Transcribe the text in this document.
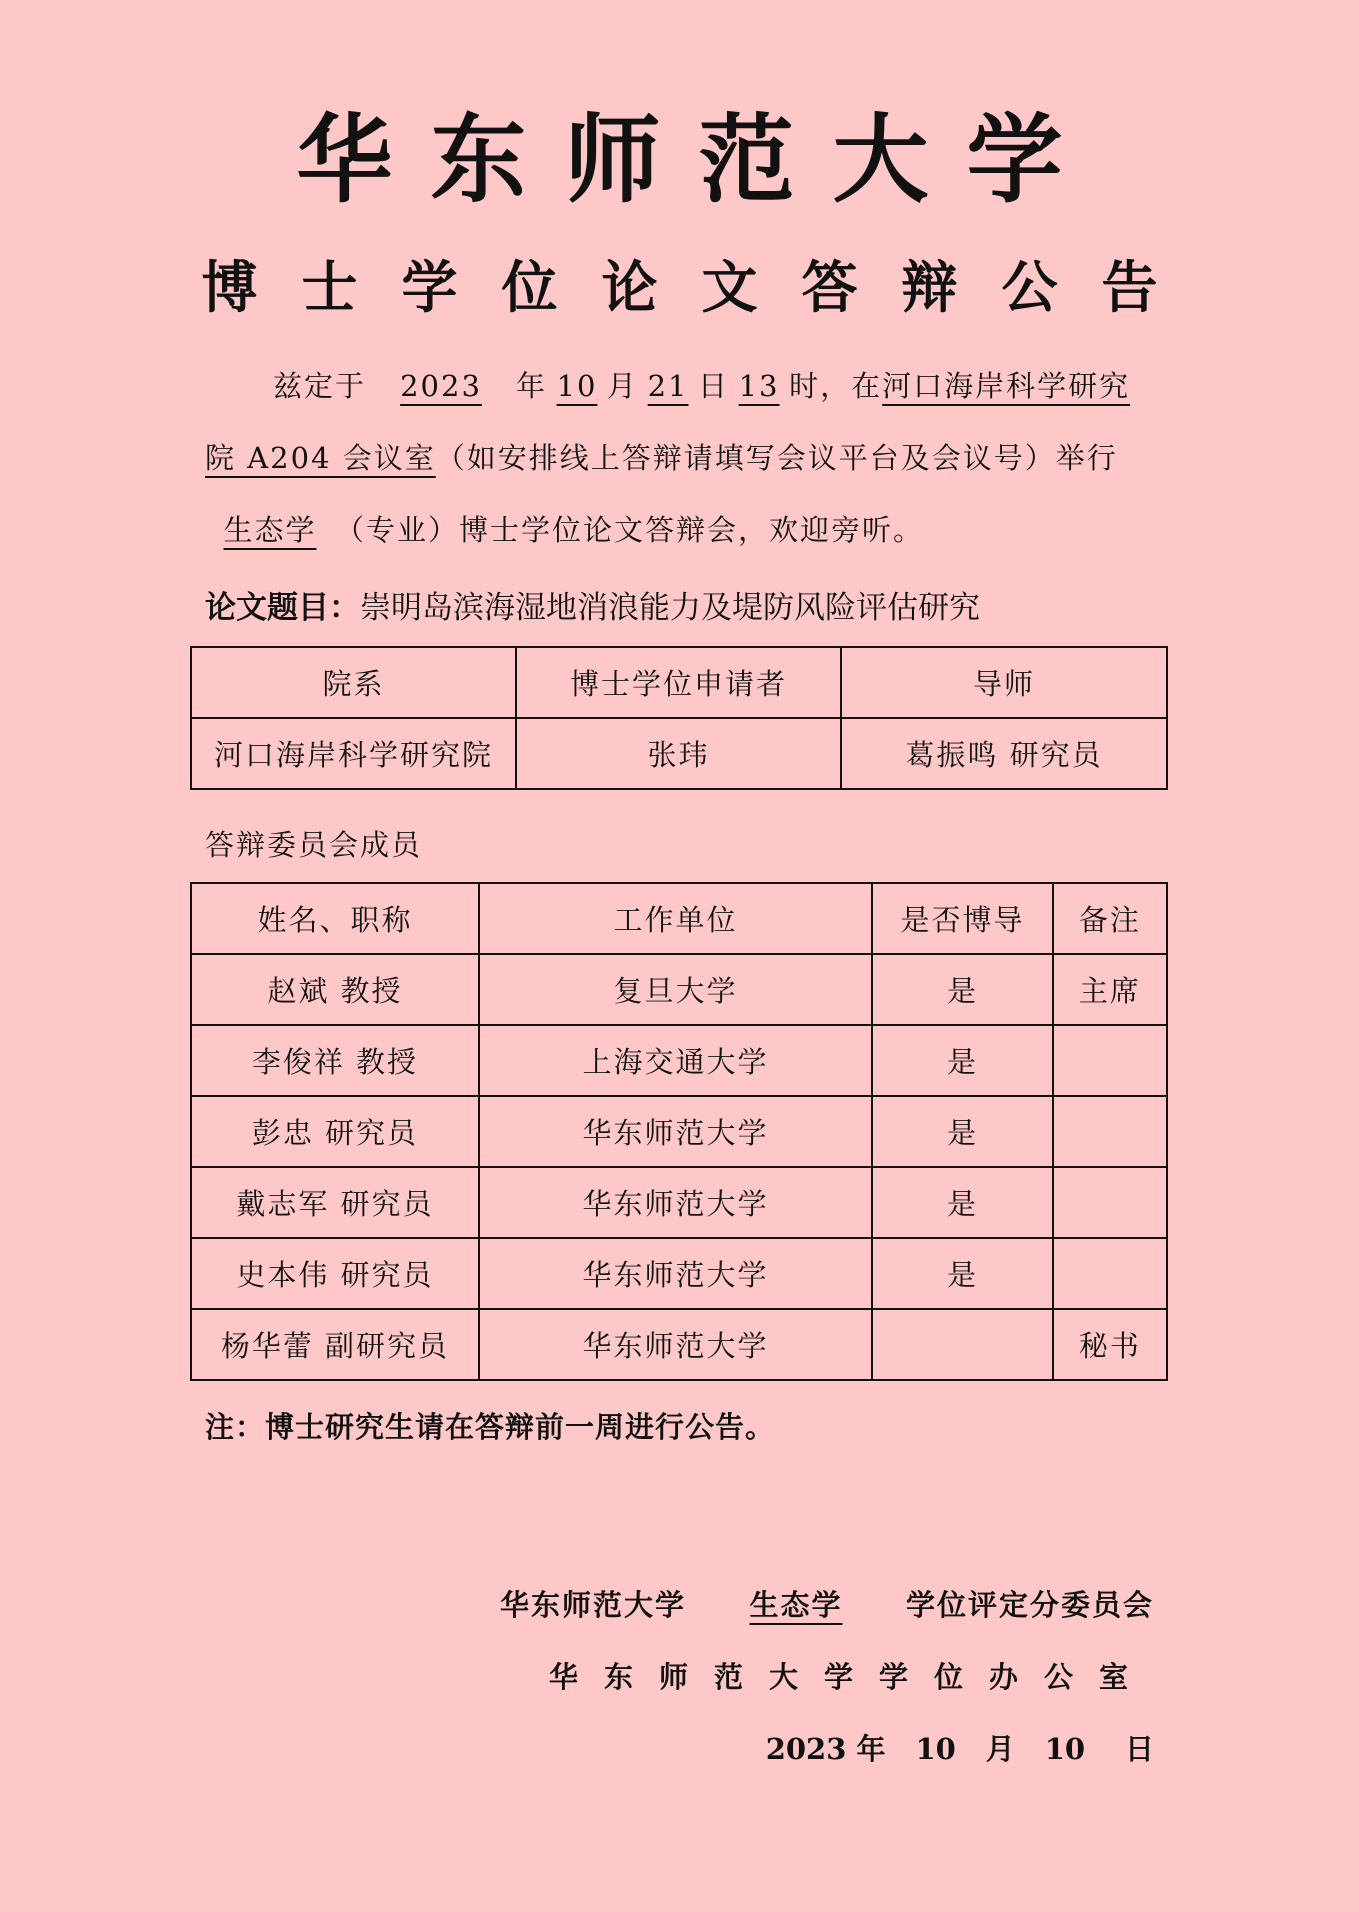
华东师范大学
博士学位论文答辩公告
兹定于 2023 年 10 月 21 日 13 时，在河口海岸科学研究院 A204 会议室（如安排线上答辩请填写会议平台及会议号）举行生态学 （专业）博士学位论文答辩会，欢迎旁听。
论文题目：崇明岛滨海湿地消浪能力及堤防风险评估研究
院系	博士学位申请者	导师
河口海岸科学研究院	张玮	葛振鸣 研究员
答辩委员会成员
姓名、职称	工作单位	是否博导	备注
赵斌 教授	复旦大学	是	主席
李俊祥 教授	上海交通大学	是	
彭忠 研究员	华东师范大学	是	
戴志军 研究员	华东师范大学	是	
史本伟 研究员	华东师范大学	是	
杨华蕾 副研究员	华东师范大学		秘书
注：博士研究生请在答辩前一周进行公告。
华东师范大学 生态学 学位评定分委员会
华东师范大学学位办公室
2023 年 10 月 10 日
